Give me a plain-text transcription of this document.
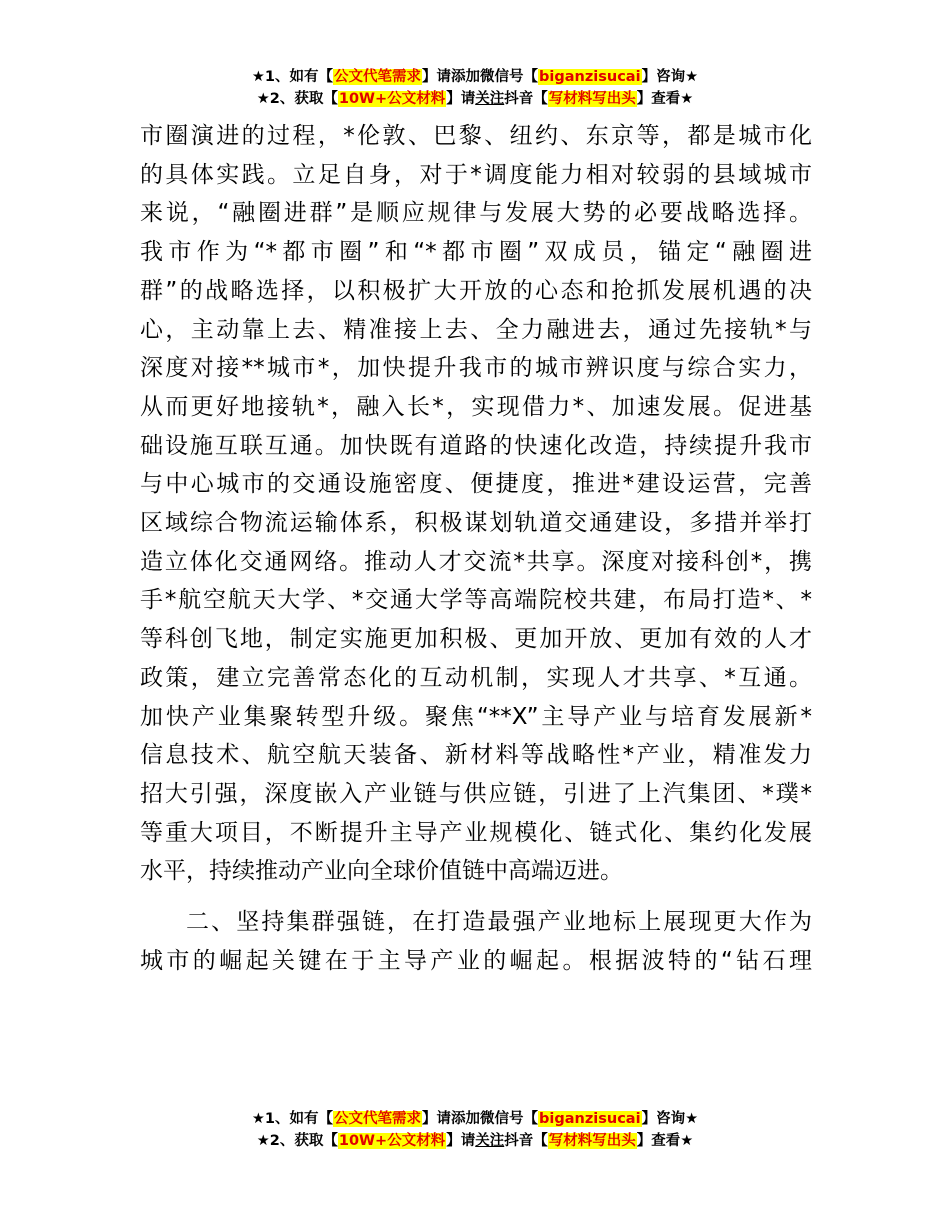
★1、如有【公文代笔需求】请添加微信号【biganzisucai】咨询★
★2、获取【10W+公文材料】请关注抖音【写材料写出头】查看★

市圈演进的过程，*伦敦、巴黎、纽约、东京等，都是城市化

的具体实践。立足自身，对于*调度能力相对较弱的县域城市

来说，“融圈进群”是顺应规律与发展大势的必要战略选择。

我市作为“*都市圈”和“*都市圈”双成员，锚定“融圈进

群”的战略选择，以积极扩大开放的心态和抢抓发展机遇的决

心，主动靠上去、精准接上去、全力融进去，通过先接轨*与

深度对接**城市*，加快提升我市的城市辨识度与综合实力，

从而更好地接轨*，融入长*，实现借力*、加速发展。促进基

础设施互联互通。加快既有道路的快速化改造，持续提升我市

与中心城市的交通设施密度、便捷度，推进*建设运营，完善

区域综合物流运输体系，积极谋划轨道交通建设，多措并举打

造立体化交通网络。推动人才交流*共享。深度对接科创*，携

手*航空航天大学、*交通大学等高端院校共建，布局打造*、*

等科创飞地，制定实施更加积极、更加开放、更加有效的人才

政策，建立完善常态化的互动机制，实现人才共享、*互通。

加快产业集聚转型升级。聚焦“**X”主导产业与培育发展新*

信息技术、航空航天装备、新材料等战略性*产业，精准发力

招大引强，深度嵌入产业链与供应链，引进了上汽集团、*璞*

等重大项目，不断提升主导产业规模化、链式化、集约化发展

水平，持续推动产业向全球价值链中高端迈进。

二、坚持集群强链，在打造最强产业地标上展现更大作为

城市的崛起关键在于主导产业的崛起。根据波特的“钻石理

★1、如有【公文代笔需求】请添加微信号【biganzisucai】咨询★
★2、获取【10W+公文材料】请关注抖音【写材料写出头】查看★
